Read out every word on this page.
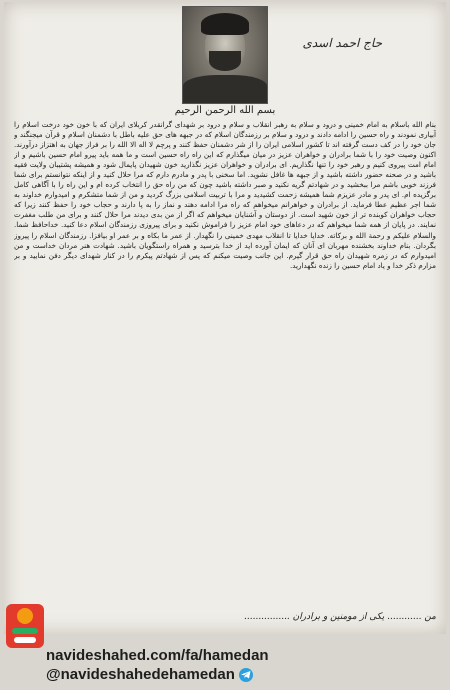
حاج احمد اسدی
بسم الله الرحمن الرحیم

بنام الله باسلام به امام خمینی و درود و سلام به رهبر انقلاب و سلام و درود بر شهدای گرانقدر کربلای ایران که با خون خود درخت اسلام را آبیاری نمودند و راه حسین را ادامه دادند و درود و سلام بر رزمندگان اسلام که در جبهه های حق علیه باطل با دشمنان اسلام و قرآن میجنگند و جان خود را در کف دست گرفته اند تا کشور اسلامی ایران را از شر دشمنان حفظ کنند و پرچم لا اله الا الله را بر فراز جهان به اهتزاز درآورند. اکنون وصیت خود را با شما برادران و خواهران عزیز در میان میگذارم که این راه راه حسین است و ما همه باید پیرو امام حسین باشیم و از امام امت پیروی کنیم و رهبر خود را تنها نگذاریم. ای برادران و خواهران عزیز نگذارید خون شهیدان پایمال شود و همیشه پشتیبان ولایت فقیه باشید و در صحنه حضور داشته باشید و از جبهه ها غافل نشوید. اما سخنی با پدر و مادرم دارم که مرا حلال کنید و از اینکه نتوانستم برای شما فرزند خوبی باشم مرا ببخشید و در شهادتم گریه نکنید و صبر داشته باشید چون که من راه حق را انتخاب کرده ام و این راه را با آگاهی کامل برگزیده ام. ای پدر و مادر عزیزم شما همیشه زحمت کشیدید و مرا با تربیت اسلامی بزرگ کردید و من از شما متشکرم و امیدوارم خداوند به شما اجر عظیم عطا فرماید. از برادران و خواهرانم میخواهم که راه مرا ادامه دهند و نماز را به پا دارند و حجاب خود را حفظ کنند زیرا که حجاب خواهران کوبنده تر از خون شهید است. از دوستان و آشنایان میخواهم که اگر از من بدی دیدند مرا حلال کنند و برای من طلب مغفرت نمایند. در پایان از همه شما میخواهم که در دعاهای خود امام عزیز را فراموش نکنید و برای پیروزی رزمندگان اسلام دعا کنید. خداحافظ شما. والسلام علیکم و رحمة الله و برکاته. خدایا خدایا تا انقلاب مهدی خمینی را نگهدار. از عمر ما بکاه و بر عمر او بیافزا. رزمندگان اسلام را پیروز بگردان. بنام خداوند بخشنده مهربان ای آنان که ایمان آورده اید از خدا بترسید و همراه راستگویان باشید. شهادت هنر مردان خداست و من امیدوارم که در زمره شهیدان راه حق قرار گیرم. این جانب وصیت میکنم که پس از شهادتم پیکرم را در کنار شهدای دیگر دفن نمایید و بر مزارم ذکر خدا و یاد امام حسین را زنده نگهدارید.

من ............ یکی از مومنین و برادران ................
navideshahed.com/fa/hamedan
@navideshahedehamedan
